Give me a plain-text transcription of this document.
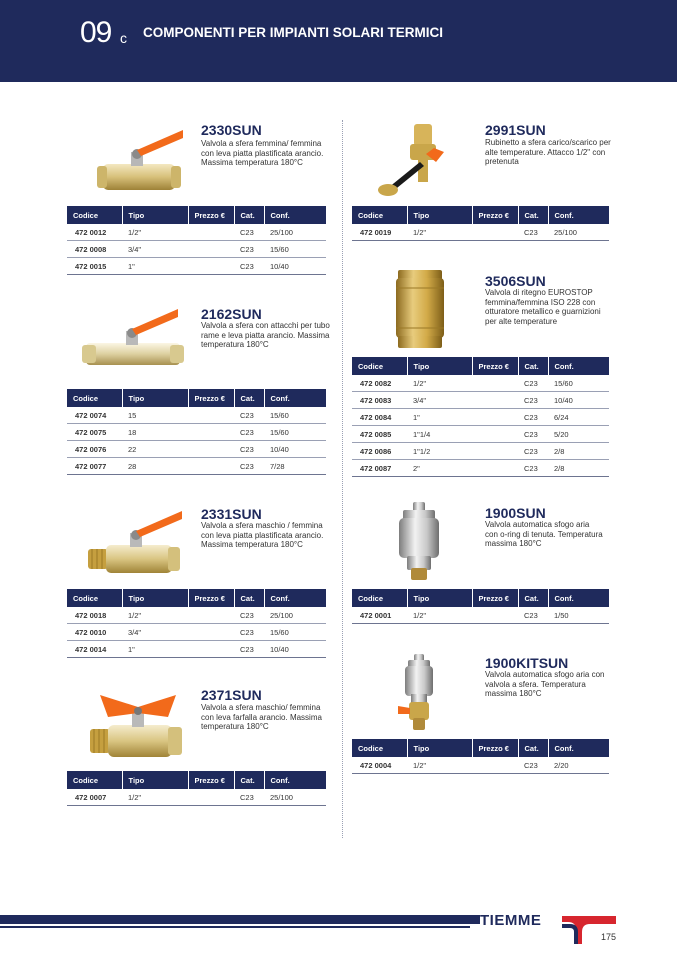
09 c COMPONENTI PER IMPIANTI SOLARI TERMICI
2330SUN
Valvola a sfera femmina/ femmina con leva piatta plastificata arancio. Massima temperatura 180°C
Codice	Tipo	Prezzo €	Cat.	Conf.
472 0012	1/2"		C23	25/100
472 0008	3/4"		C23	15/60
472 0015	1"		C23	10/40
2162SUN
Valvola a sfera con attacchi per tubo rame e leva piatta arancio. Massima temperatura 180°C
Codice	Tipo	Prezzo €	Cat.	Conf.
472 0074	15		C23	15/60
472 0075	18		C23	15/60
472 0076	22		C23	10/40
472 0077	28		C23	7/28
2331SUN
Valvola a sfera maschio / femmina con leva piatta plastificata arancio. Massima temperatura 180°C
Codice	Tipo	Prezzo €	Cat.	Conf.
472 0018	1/2"		C23	25/100
472 0010	3/4"		C23	15/60
472 0014	1"		C23	10/40
2371SUN
Valvola a sfera maschio/ femmina con leva farfalla arancio. Massima temperatura 180°C
Codice	Tipo	Prezzo €	Cat.	Conf.
472 0007	1/2"		C23	25/100
2991SUN
Rubinetto a sfera carico/scarico per alte temperature. Attacco 1/2" con pretenuta
Codice	Tipo	Prezzo €	Cat.	Conf.
472 0019	1/2"		C23	25/100
3506SUN
Valvola di ritegno EUROSTOP femmina/femmina ISO 228 con otturatore metallico e guarnizioni per alte temperature
Codice	Tipo	Prezzo €	Cat.	Conf.
472 0082	1/2"		C23	15/60
472 0083	3/4"		C23	10/40
472 0084	1"		C23	6/24
472 0085	1"1/4		C23	5/20
472 0086	1"1/2		C23	2/8
472 0087	2"		C23	2/8
1900SUN
Valvola automatica sfogo aria con o-ring di tenuta. Temperatura massima 180°C
Codice	Tipo	Prezzo €	Cat.	Conf.
472 0001	1/2"		C23	1/50
1900KITSUN
Valvola automatica sfogo aria con valvola a sfera. Temperatura massima 180°C
Codice	Tipo	Prezzo €	Cat.	Conf.
472 0004	1/2"		C23	2/20
TIEMME
175
